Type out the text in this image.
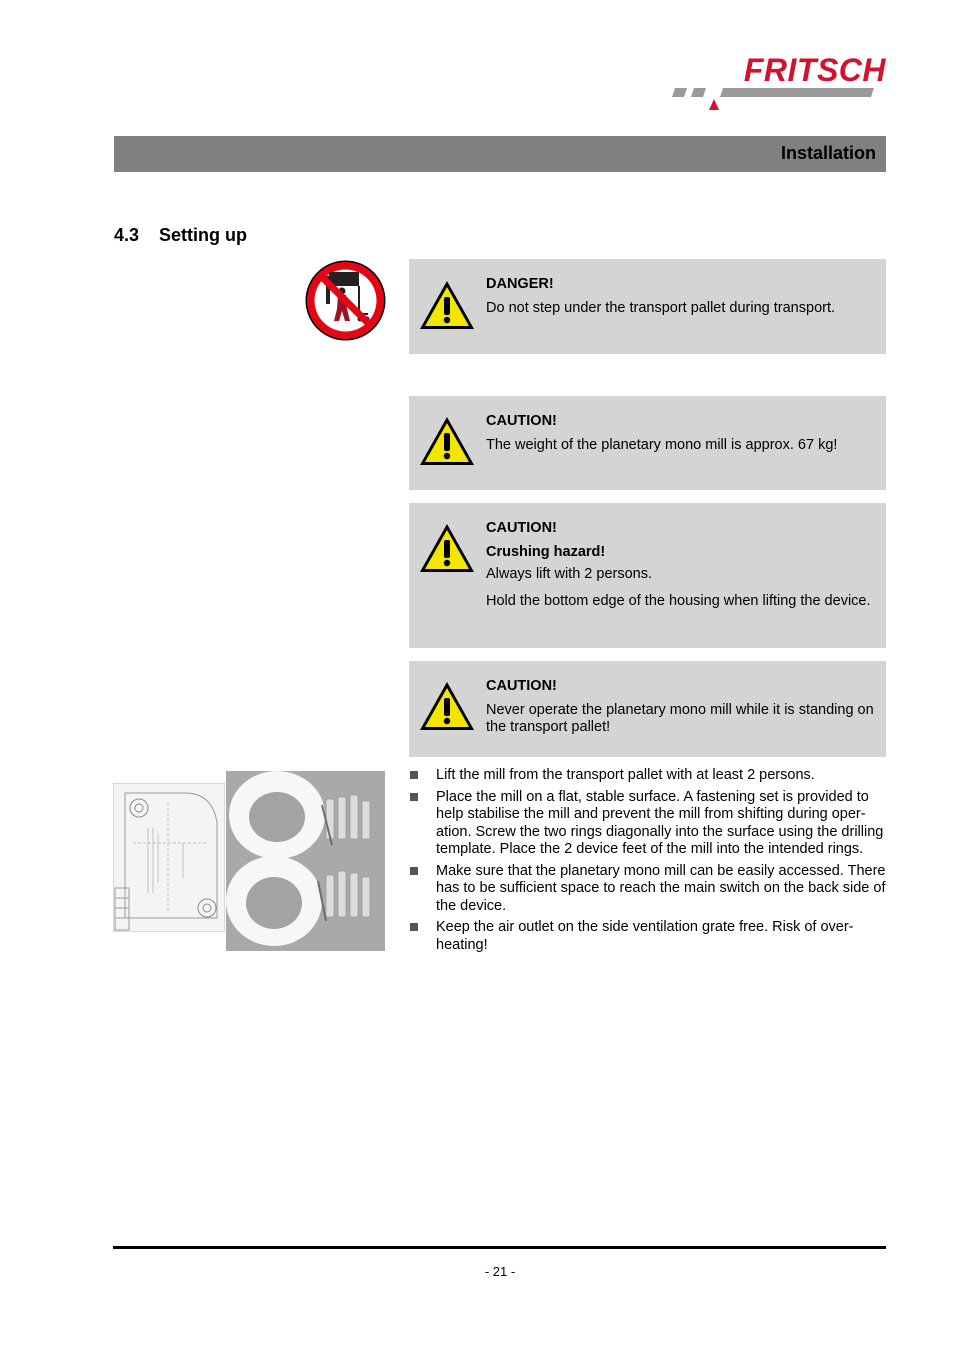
FRITSCH
Installation
4.3 Setting up
DANGER!
Do not step under the transport pallet during transport.
CAUTION!
The weight of the planetary mono mill is approx. 67 kg!
CAUTION!
Crushing hazard!
Always lift with 2 persons.
Hold the bottom edge of the housing when lifting the device.
CAUTION!
Never operate the planetary mono mill while it is standing on the transport pallet!
Lift the mill from the transport pallet with at least 2 persons.
Place the mill on a flat, stable surface. A fastening set is provided to help stabilise the mill and prevent the mill from shifting during oper-ation. Screw the two rings diagonally into the surface using the drilling template. Place the 2 device feet of the mill into the intended rings.
Make sure that the planetary mono mill can be easily accessed. There has to be sufficient space to reach the main switch on the back side of the device.
Keep the air outlet on the side ventilation grate free. Risk of over-heating!
- 21 -
